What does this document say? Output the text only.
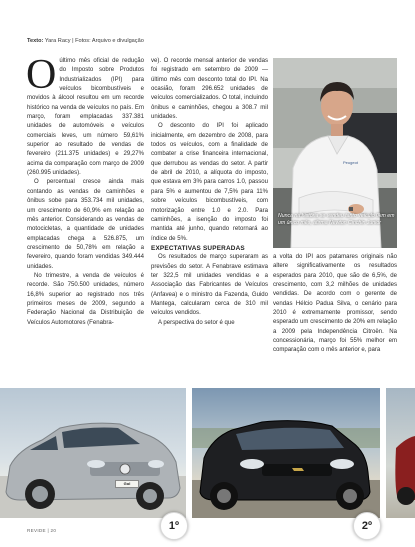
Texto: Yara Racy | Fotos: Arquivo e divulgação

Oúltimo mês oficial de redução do Imposto sobre Produtos Industrializados (IPI) para veículos bicombustíveis e movidos à álcool resultou em um recorde histórico na venda de veículos no país. Em março, foram emplacadas 337.381 unidades de automóveis e veículos comerciais leves, um número 59,61% superior ao resultado de vendas de fevereiro (211.375 unidades) e 29,27% acima da comparação com março de 2009 (260.995 unidades).

O percentual cresce ainda mais contando as vendas de caminhões e ônibus sobe para 353.734 mil unidades, um crescimento de 60,9% em relação ao mês anterior. Considerando as vendas de motocicletas, a quantidade de unidades emplacadas chega a 526.875, um crescimento de 50,78% em relação a fevereiro, quando foram vendidas 349.444 unidades.

No trimestre, a venda de veículos é recorde. São 750.500 unidades, número 16,8% superior ao registrado nos três primeiros meses de 2009, segundo a Federação Nacional da Distribuição de Veículos Automotores (Fenabra-

ve). O recorde mensal anterior de vendas foi registrado em setembro de 2009 — último mês com desconto total do IPI. Na ocasião, foram 296.652 unidades de veículos comercializados. O total, incluindo ônibus e caminhões, chegou a 308.7 mil unidades.

O desconto do IPI foi aplicado inicialmente, em dezembro de 2008, para todos os veículos, com a finalidade de combater a crise financeira internacional, que derrubou as vendas do setor. A partir de abril de 2010, a alíquota do imposto, que estava em 3% para carros 1.0, passou para 5% e aumentou de 7,5% para 11% sobre veículos bicombustíveis, com motorização entre 1.0 e 2.0. Para caminhões, a isenção do imposto foi mantida até junho, quando retornará ao índice de 5%.

EXPECTATIVAS SUPERADAS

Os resultados de março superaram as previsões do setor. A Fenabrave estimava ter 322,5 mil unidades vendidas e a Associação das Fabricantes de Veículos (Anfavea) e o ministro da Fazenda, Guido Mantega, calcularam cerca de 310 mil veículos vendidos.

A perspectiva do setor é que

Peugeot
Nunca na história se vendeu tanto veículo 0km em um único mês, afirma Newton Cinchin Junior

a volta do IPI aos patamares originais não altere significativamente os resultados esperados para 2010, que são de 6,5%, de crescimento, com 3,2 milhões de unidades vendidas. De acordo com o gerente de vendas Hélcio Padua Silva, o cenário para 2010 é extremamente promissor, sendo esperado um crescimento de 20% em relação a 2009 pela Independência Citroën. Na concessionária, março foi 55% melhor em comparação com o mês anterior e, para

Gol
1º	2º
REVIDE | 20
